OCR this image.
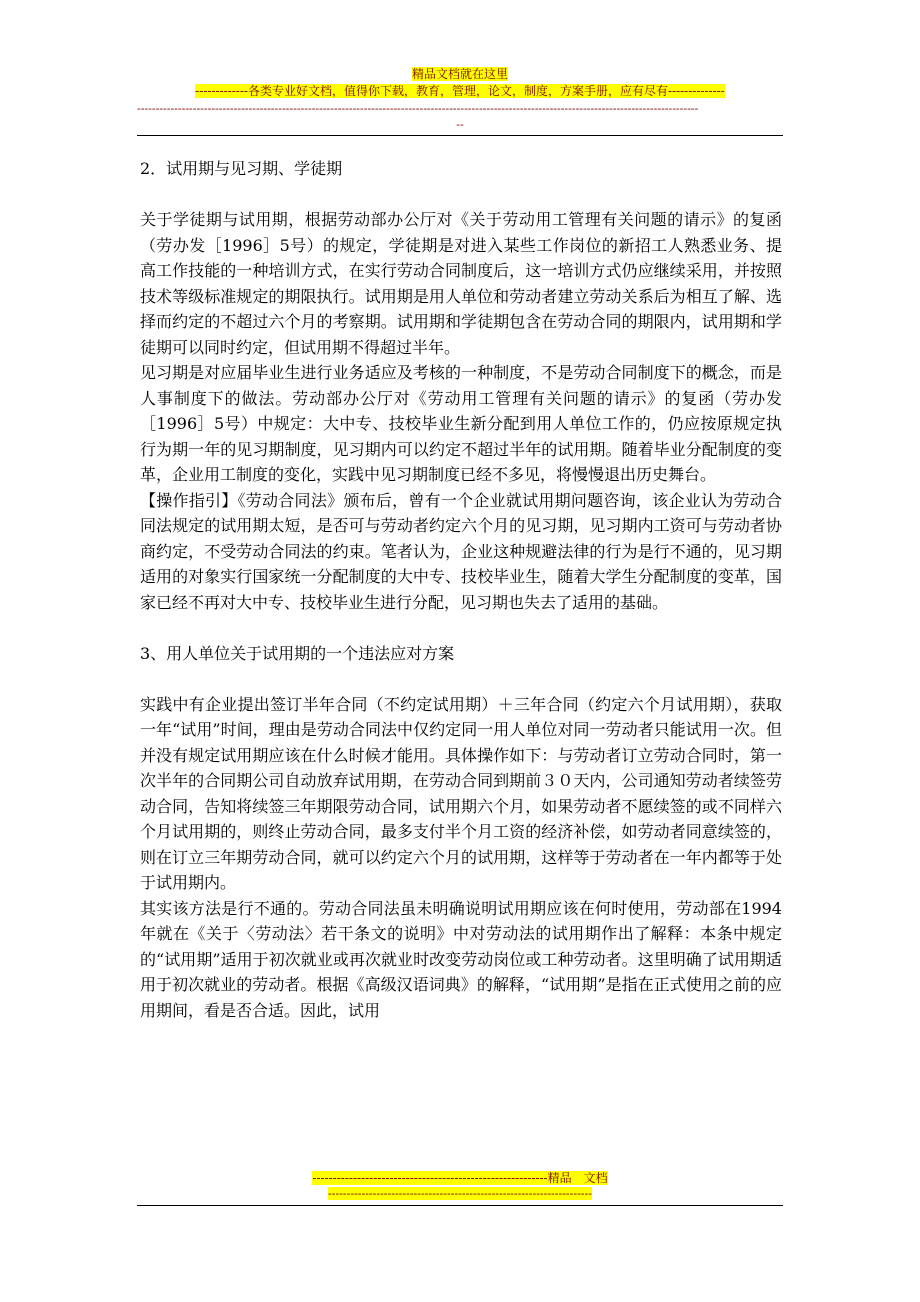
精品文档就在这里
-------------各类专业好文档，值得你下载，教育，管理，论文，制度，方案手册，应有尽有--------------
-------------------------------------------------------------------------------------------------------------------------------------------------------
--

2．试用期与见习期、学徒期

关于学徒期与试用期，根据劳动部办公厅对《关于劳动用工管理有关问题的请示》的复函（劳办发［1996］5号）的规定，学徒期是对进入某些工作岗位的新招工人熟悉业务、提高工作技能的一种培训方式，在实行劳动合同制度后，这一培训方式仍应继续采用，并按照技术等级标准规定的期限执行。试用期是用人单位和劳动者建立劳动关系后为相互了解、选择而约定的不超过六个月的考察期。试用期和学徒期包含在劳动合同的期限内，试用期和学徒期可以同时约定，但试用期不得超过半年。

见习期是对应届毕业生进行业务适应及考核的一种制度，不是劳动合同制度下的概念，而是人事制度下的做法。劳动部办公厅对《劳动用工管理有关问题的请示》的复函（劳办发［1996］5号）中规定：大中专、技校毕业生新分配到用人单位工作的，仍应按原规定执行为期一年的见习期制度，见习期内可以约定不超过半年的试用期。随着毕业分配制度的变革，企业用工制度的变化，实践中见习期制度已经不多见，将慢慢退出历史舞台。

【操作指引】《劳动合同法》颁布后，曾有一个企业就试用期问题咨询，该企业认为劳动合同法规定的试用期太短，是否可与劳动者约定六个月的见习期，见习期内工资可与劳动者协商约定，不受劳动合同法的约束。笔者认为，企业这种规避法律的行为是行不通的，见习期适用的对象实行国家统一分配制度的大中专、技校毕业生，随着大学生分配制度的变革，国家已经不再对大中专、技校毕业生进行分配，见习期也失去了适用的基础。

3、用人单位关于试用期的一个违法应对方案

实践中有企业提出签订半年合同（不约定试用期）＋三年合同（约定六个月试用期），获取一年“试用”时间，理由是劳动合同法中仅约定同一用人单位对同一劳动者只能试用一次。但并没有规定试用期应该在什么时候才能用。具体操作如下：与劳动者订立劳动合同时，第一次半年的合同期公司自动放弃试用期，在劳动合同到期前３０天内，公司通知劳动者续签劳动合同，告知将续签三年期限劳动合同，试用期六个月，如果劳动者不愿续签的或不同样六个月试用期的，则终止劳动合同，最多支付半个月工资的经济补偿，如劳动者同意续签的，则在订立三年期劳动合同，就可以约定六个月的试用期，这样等于劳动者在一年内都等于处于试用期内。

其实该方法是行不通的。劳动合同法虽未明确说明试用期应该在何时使用，劳动部在1994年就在《关于〈劳动法〉若干条文的说明》中对劳动法的试用期作出了解释：本条中规定的“试用期”适用于初次就业或再次就业时改变劳动岗位或工种劳动者。这里明确了试用期适用于初次就业的劳动者。根据《高级汉语词典》的解释，“试用期”是指在正式使用之前的应用期间，看是否合适。因此，试用

----------------------------------------------------------精品　文档
-----------------------------------------------------------------------
